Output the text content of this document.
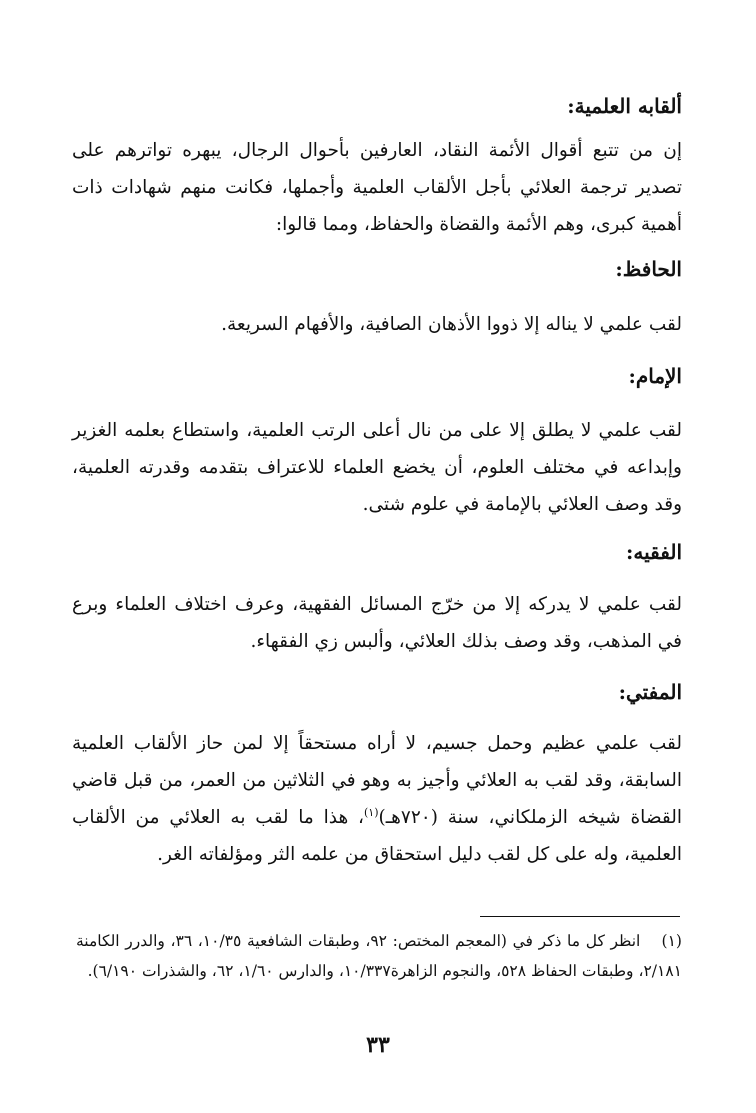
ألقابه العلمية:
إن من تتبع أقوال الأئمة النقاد، العارفين بأحوال الرجال، يبهره تواترهم على تصدير ترجمة العلائي بأجل الألقاب العلمية وأجملها، فكانت منهم شهادات ذات أهمية كبرى، وهم الأئمة والقضاة والحفاظ، ومما قالوا:
الحافظ:
لقب علمي لا يناله إلا ذووا الأذهان الصافية، والأفهام السريعة.
الإمام:
لقب علمي لا يطلق إلا على من نال أعلى الرتب العلمية، واستطاع بعلمه الغزير وإبداعه في مختلف العلوم، أن يخضع العلماء للاعتراف بتقدمه وقدرته العلمية، وقد وصف العلائي بالإمامة في علوم شتى.
الفقيه:
لقب علمي لا يدركه إلا من خرّج المسائل الفقهية، وعرف اختلاف العلماء وبرع في المذهب، وقد وصف بذلك العلائي، وألبس زي الفقهاء.
المفتي:
لقب علمي عظيم وحمل جسيم، لا أراه مستحقاً إلا لمن حاز الألقاب العلمية السابقة، وقد لقب به العلائي وأجيز به وهو في الثلاثين من العمر، من قبل قاضي القضاة شيخه الزملكاني، سنة (٧٢٠هـ)$^{(١)}$، هذا ما لقب به العلائي من الألقاب العلمية، وله على كل لقب دليل استحقاق من علمه الثر ومؤلفاته الغر.
(١) انظر كل ما ذكر في (المعجم المختص: ٩٢، وطبقات الشافعية ١٠/٣٥، ٣٦، والدرر الكامنة ٢/١٨١، وطبقات الحفاظ ٥٢٨، والنجوم الزاهرة١٠/٣٣٧، والدارس ١/٦٠، ٦٢، والشذرات ٦/١٩٠).
٣٣
